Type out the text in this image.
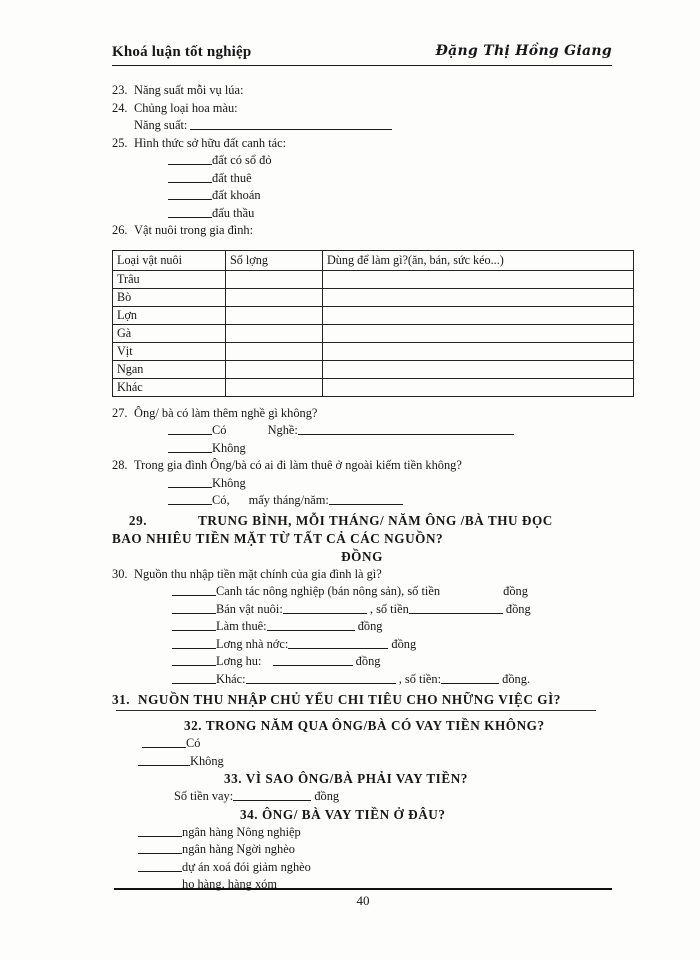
Khoá luận tốt nghiệp	Đặng Thị Hồng Giang
23. Năng suất mỗi vụ lúa:
24. Chủng loại hoa màu:
Năng suất:
25. Hình thức sở hữu đất canh tác:
đất có sổ đỏ
đất thuê
đất khoán
đấu thầu
26. Vật nuôi trong gia đình:
Loại vật nuôi	Số lợng	Dùng để làm gì?(ăn, bán, sức kéo...)
Trâu		
Bò		
Lợn		
Gà		
Vịt		
Ngan		
Khác		
27. Ông/ bà có làm thêm nghề gì không?
Có	Nghề:
Không
28. Trong gia đình Ông/bà có ai đi làm thuê ở ngoài kiếm tiền không?
Không
Có, mấy tháng/năm:
29.	TRUNG BÌNH, MỖI THÁNG/ NĂM ÔNG /BÀ THU ĐỌC
BAO NHIÊU TIỀN MẶT TỪ TẤT CẢ CÁC NGUỒN?
ĐỒNG
30. Nguồn thu nhập tiền mặt chính của gia đình là gì?
Canh tác nông nghiệp (bán nông sản), số tiền	đồng
Bán vật nuôi:	, số tiền	đồng
Làm thuê:	đồng
Lơng nhà nớc:	đồng
Lơng hu:	đồng
Khác:	, số tiền:	đồng.
31. NGUỒN THU NHẬP CHỦ YẾU CHI TIÊU CHO NHỮNG VIỆC GÌ?
32. TRONG NĂM QUA ÔNG/BÀ CÓ VAY TIỀN KHÔNG?
Có
Không
33. VÌ SAO ÔNG/BÀ PHẢI VAY TIỀN?
Số tiền vay:	đồng
34. ÔNG/ BÀ VAY TIỀN Ở ĐÂU?
ngân hàng Nông nghiệp
ngân hàng Ngời nghèo
dự án xoá đói giảm nghèo
họ hàng, hàng xóm
40
